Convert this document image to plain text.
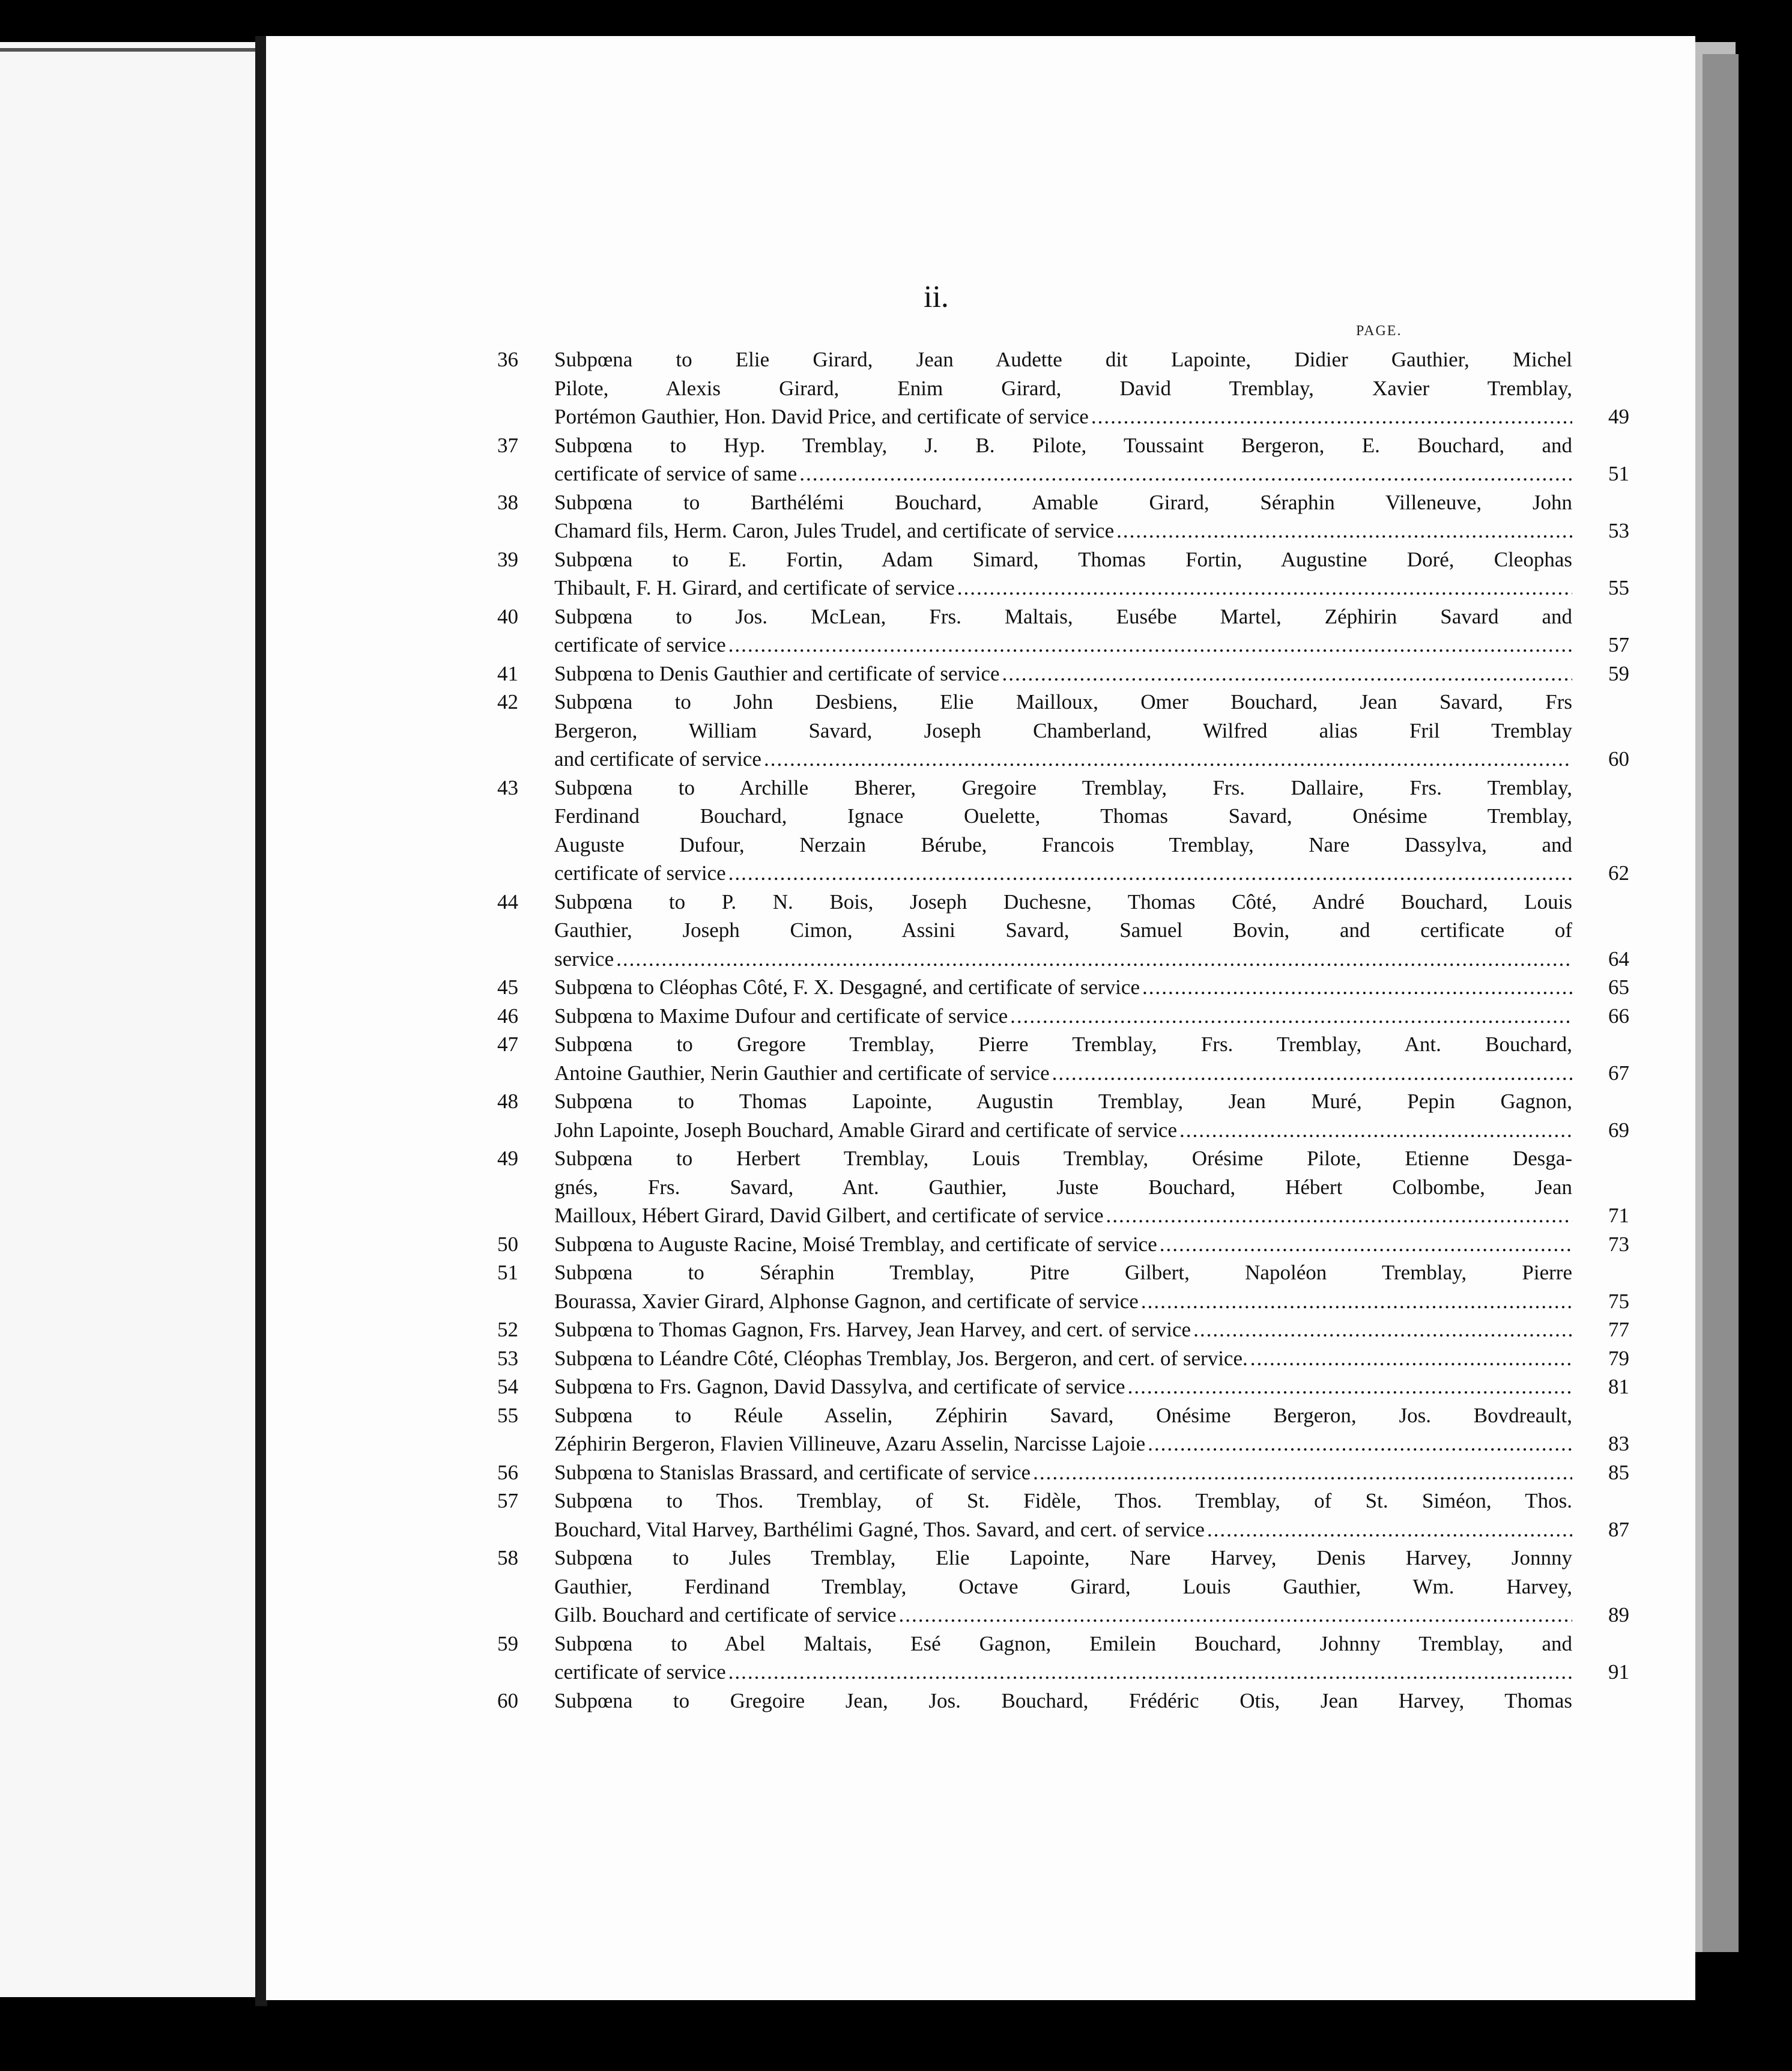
ii.
PAGE.
36 Subpœna to Elie Girard, Jean Audette dit Lapointe, Didier Gauthier, Michel
Pilote, Alexis Girard, Enim Girard, David Tremblay, Xavier Tremblay,
Portémon Gauthier, Hon. David Price, and certificate of service .....	49
37 Subpœna to Hyp. Tremblay, J. B. Pilote, Toussaint Bergeron, E. Bouchard, and
certificate of service of same .....	51
38 Subpœna to Barthélémi Bouchard, Amable Girard, Séraphin Villeneuve, John
Chamard fils, Herm. Caron, Jules Trudel, and certificate of service .....	53
39 Subpœna to E. Fortin, Adam Simard, Thomas Fortin, Augustine Doré, Cleophas
Thibault, F. H. Girard, and certificate of service .....	55
40 Subpœna to Jos. McLean, Frs. Maltais, Eusébe Martel, Zéphirin Savard and
certificate of service .....	57
41 Subpœna to Denis Gauthier and certificate of service .....	59
42 Subpœna to John Desbiens, Elie Mailloux, Omer Bouchard, Jean Savard, Frs
Bergeron, William Savard, Joseph Chamberland, Wilfred alias Fril Tremblay
and certificate of service .....	60
43 Subpœna to Archille Bherer, Gregoire Tremblay, Frs. Dallaire, Frs. Tremblay,
Ferdinand Bouchard, Ignace Ouelette, Thomas Savard, Onésime Tremblay,
Auguste Dufour, Nerzain Bérube, Francois Tremblay, Nare Dassylva, and
certificate of service .....	62
44 Subpœna to P. N. Bois, Joseph Duchesne, Thomas Côté, André Bouchard, Louis
Gauthier, Joseph Cimon, Assini Savard, Samuel Bovin, and certificate of
service .....	64
45 Subpœna to Cléophas Côté, F. X. Desgagné, and certificate of service .....	65
46 Subpœna to Maxime Dufour and certificate of service .....	66
47 Subpœna to Gregore Tremblay, Pierre Tremblay, Frs. Tremblay, Ant. Bouchard,
Antoine Gauthier, Nerin Gauthier and certificate of service .....	67
48 Subpœna to Thomas Lapointe, Augustin Tremblay, Jean Muré, Pepin Gagnon,
John Lapointe, Joseph Bouchard, Amable Girard and certificate of service .....	69
49 Subpœna to Herbert Tremblay, Louis Tremblay, Orésime Pilote, Etienne Desga-
gnés, Frs. Savard, Ant. Gauthier, Juste Bouchard, Hébert Colbombe, Jean
Mailloux, Hébert Girard, David Gilbert, and certificate of service .....	71
50 Subpœna to Auguste Racine, Moisé Tremblay, and certificate of service .....	73
51 Subpœna to Séraphin Tremblay, Pitre Gilbert, Napoléon Tremblay, Pierre
Bourassa, Xavier Girard, Alphonse Gagnon, and certificate of service .....	75
52 Subpœna to Thomas Gagnon, Frs. Harvey, Jean Harvey, and cert. of service .....	77
53 Subpœna to Léandre Côté, Cléophas Tremblay, Jos. Bergeron, and cert. of service. .....	79
54 Subpœna to Frs. Gagnon, David Dassylva, and certificate of service .....	81
55 Subpœna to Réule Asselin, Zéphirin Savard, Onésime Bergeron, Jos. Bovdreault,
Zéphirin Bergeron, Flavien Villineuve, Azaru Asselin, Narcisse Lajoie .....	83
56 Subpœna to Stanislas Brassard, and certificate of service .....	85
57 Subpœna to Thos. Tremblay, of St. Fidèle, Thos. Tremblay, of St. Siméon, Thos.
Bouchard, Vital Harvey, Barthélimi Gagné, Thos. Savard, and cert. of service .....	87
58 Subpœna to Jules Tremblay, Elie Lapointe, Nare Harvey, Denis Harvey, Jonnny
Gauthier, Ferdinand Tremblay, Octave Girard, Louis Gauthier, Wm. Harvey,
Gilb. Bouchard and certificate of service .....	89
59 Subpœna to Abel Maltais, Esé Gagnon, Emilein Bouchard, Johnny Tremblay, and
certificate of service .....	91
60 Subpœna to Gregoire Jean, Jos. Bouchard, Frédéric Otis, Jean Harvey, Thomas
